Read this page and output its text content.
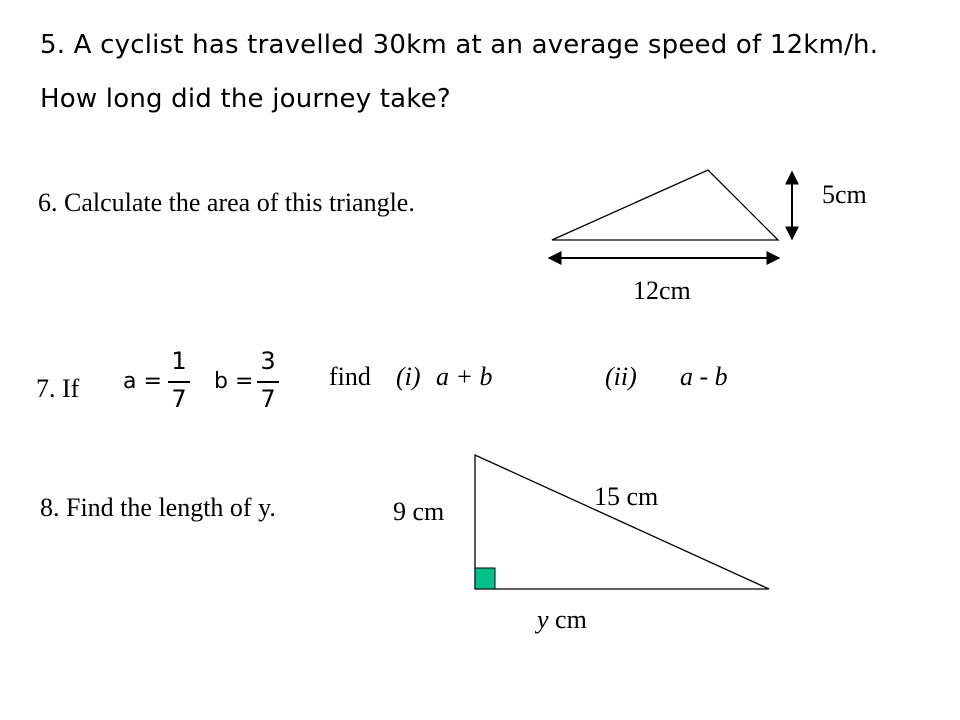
5. A cyclist has travelled 30km at an average speed of 12km/h.
How long did the journey take?
6. Calculate the area of this triangle.	5cm
12cm
7. If a =
1
7
b =
3
7
find (i) a + b	(ii) a - b
8. Find the length of y.	9 cm
15 cm
y cm
